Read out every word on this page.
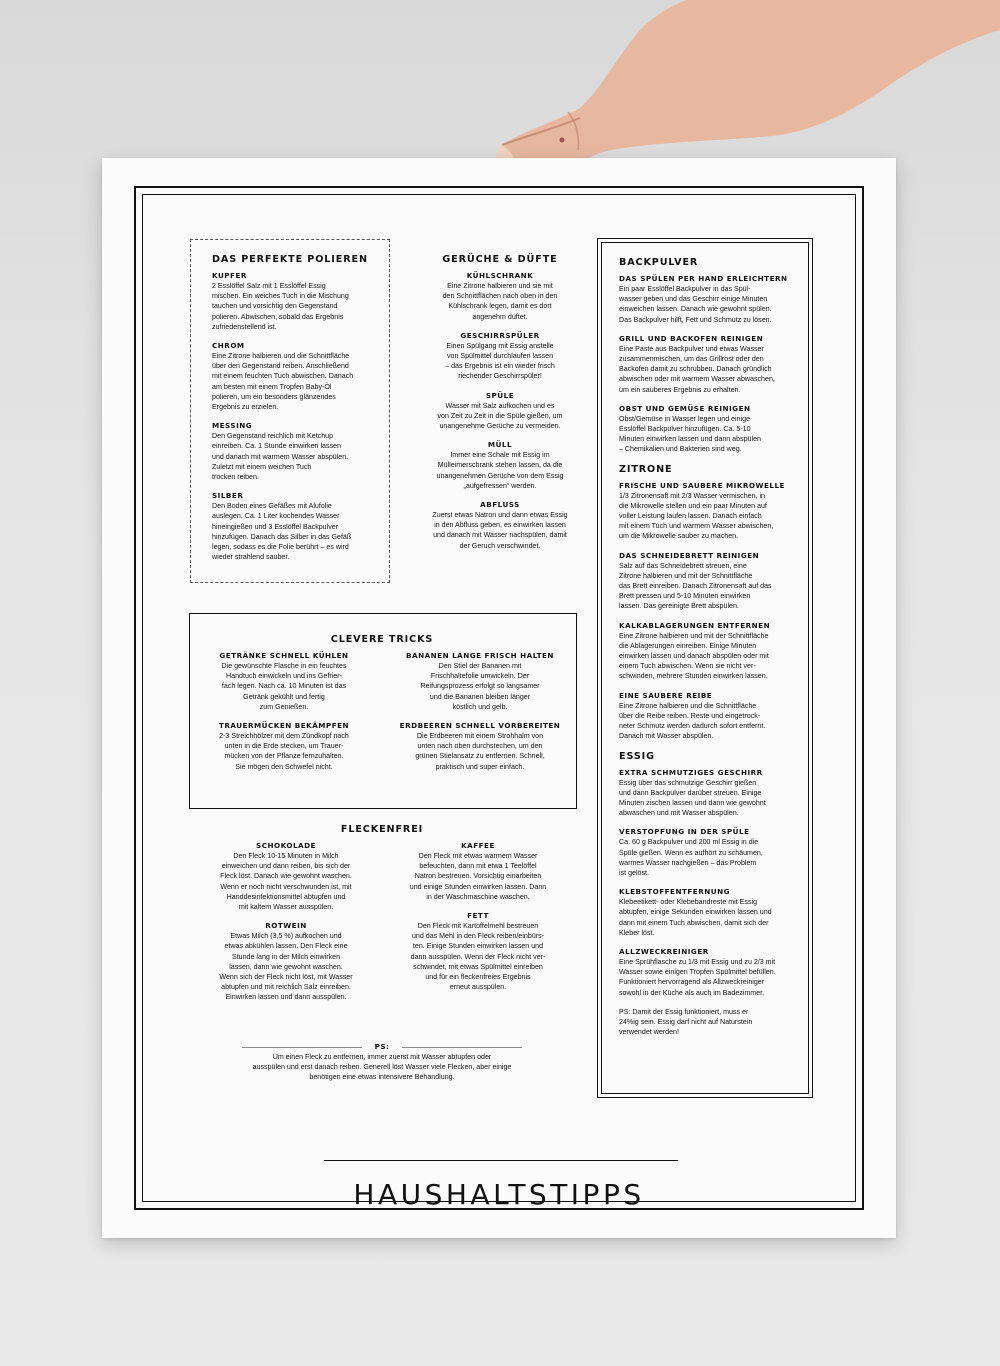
DAS PERFEKTE POLIEREN
KUPFER

2 Esslöffel Salz mit 1 Esslöffel Essig
mischen. Ein weiches Tuch in die Mischung
tauchen und vorsichtig den Gegenstand
polieren. Abwischen, sobald das Ergebnis
zufriedenstellend ist.

CHROM

Eine Zitrone halbieren und die Schnittfläche
über den Gegenstand reiben. Anschließend
mit einem feuchten Tuch abwischen. Danach
am besten mit einem Tropfen Baby-Öl
polieren, um ein besonders glänzendes
Ergebnis zu erzielen.

MESSING

Den Gegenstand reichlich mit Ketchup
einreiben. Ca. 1 Stunde einwirken lassen
und danach mit warmem Wasser abspülen.
Zuletzt mit einem weichen Tuch
trocken reiben.

SILBER

Den Boden eines Gefäßes mit Alufolie
auslegen. Ca. 1 Liter kochendes Wasser
hineingießen und 3 Esslöffel Backpulver
hinzufügen. Danach das Silber in das Gefäß
legen, sodass es die Folie berührt – es wird
wieder strahlend sauber.

GERÜCHE & DÜFTE
KÜHLSCHRANK

Eine Zitrone halbieren und sie mit
den Schnittflächen nach oben in den
Kühlschrank legen, damit es dort
angenehm duftet.

GESCHIRRSPÜLER

Einen Spülgang mit Essig anstelle
von Spülmittel durchlaufen lassen
– das Ergebnis ist ein wieder frisch
riechender Geschirrspüler!

SPÜLE

Wasser mit Salz aufkochen und es
von Zeit zu Zeit in die Spüle gießen, um
unangenehme Gerüche zu vermeiden.

MÜLL

Immer eine Schale mit Essig im
Mülleimerschrank stehen lassen, da die
unangenehmen Gerüche von dem Essig
„aufgefressen“ werden.

ABFLUSS

Zuerst etwas Natron und dann etwas Essig
in den Abfluss geben, es einwirken lassen
und danach mit Wasser nachspülen, damit
der Geruch verschwindet.

CLEVERE TRICKS
GETRÄNKE SCHNELL KÜHLEN

Die gewünschte Flasche in ein feuchtes
Handtuch einwickeln und ins Gefrier-
fach legen. Nach ca. 10 Minuten ist das
Getränk gekühlt und fertig
zum Genießen.

TRAUERMÜCKEN BEKÄMPFEN

2-3 Streichhölzer mit dem Zündkopf nach
unten in die Erde stecken, um Trauer-
mücken von der Pflanze fernzuhalten.
Sie mögen den Schwefel nicht.

BANANEN LANGE FRISCH HALTEN

Den Stiel der Bananen mit
Frischhaltefolie umwickeln. Der
Reifungsprozess erfolgt so langsamer
und die Bananen bleiben länger
köstlich und gelb.

ERDBEEREN SCHNELL VORBEREITEN

Die Erdbeeren mit einem Strohhalm von
unten nach oben durchstechen, um den
grünen Stielansatz zu entfernen. Schnell,
praktisch und super einfach.

FLECKENFREI
SCHOKOLADE

Den Fleck 10-15 Minuten in Milch
einweichen und dann reiben, bis sich der
Fleck löst. Danach wie gewohnt waschen.
Wenn er noch nicht verschwunden ist, mit
Handdesinfektionsmittel abtupfen und
mit kaltem Wasser ausspülen.

ROTWEIN

Etwas Milch (3,5 %) aufkochen und
etwas abkühlen lassen. Den Fleck eine
Stunde lang in der Milch einwirken
lassen, dann wie gewohnt waschen.
Wenn sich der Fleck nicht löst, mit Wasser
abtupfen und mit reichlich Salz einreiben.
Einwirken lassen und dann ausspülen.

KAFFEE

Den Fleck mit etwas warmem Wasser
befeuchten, dann mit etwa 1 Teelöffel
Natron bestreuen. Vorsichtig einarbeiten
und einige Stunden einwirken lassen. Dann
in der Waschmaschine waschen.

FETT

Den Fleck mit Kartoffelmehl bestreuen
und das Mehl in den Fleck reiben/einbürs-
ten. Einige Stunden einwirken lassen und
dann ausspülen. Wenn der Fleck nicht ver-
schwindet, mit etwas Spülmittel einreiben
und für ein fleckenfreies Ergebnis
erneut ausspülen.

PS:

Um einen Fleck zu entfernen, immer zuerst mit Wasser abtupfen oder
ausspülen und erst danach reiben. Generell löst Wasser viele Flecken, aber einige
benötigen eine etwas intensivere Behandlung.

BACKPULVER
DAS SPÜLEN PER HAND ERLEICHTERN

Ein paar Esslöffel Backpulver in das Spül-
wasser geben und das Geschirr einige Minuten
einweichen lassen. Danach wie gewohnt spülen.
Das Backpulver hilft, Fett und Schmutz zu lösen.

GRILL UND BACKOFEN REINIGEN

Eine Paste aus Backpulver und etwas Wasser
zusammenmischen, um das Grillrost oder den
Backofen damit zu schrubben. Danach gründlich
abwischen oder mit warmem Wasser abwaschen,
um ein sauberes Ergebnis zu erhalten.

OBST UND GEMÜSE REINIGEN

Obst/Gemüse in Wasser legen und einige
Esslöffel Backpulver hinzufügen. Ca. 5-10
Minuten einwirken lassen und dann abspülen
– Chemikalien und Bakterien sind weg.

ZITRONE
FRISCHE UND SAUBERE MIKROWELLE

1/3 Zitronensaft mit 2/3 Wasser vermischen, in
die Mikrowelle stellen und ein paar Minuten auf
voller Leistung laufen lassen. Danach einfach
mit einem Tuch und warmem Wasser abwischen,
um die Mikrowelle sauber zu machen.

DAS SCHNEIDEBRETT REINIGEN

Salz auf das Schneidebrett streuen, eine
Zitrone halbieren und mit der Schnittfläche
das Brett einreiben. Danach Zitronensaft auf das
Brett pressen und 5-10 Minuten einwirken
lassen. Das gereinigte Brett abspülen.

KALKABLAGERUNGEN ENTFERNEN

Eine Zitrone halbieren und mit der Schnittfläche
die Ablagerungen einreiben. Einige Minuten
einwirken lassen und danach abspülen oder mit
einem Tuch abwischen. Wenn sie nicht ver-
schwinden, mehrere Stunden einwirken lassen.

EINE SAUBERE REIBE

Eine Zitrone halbieren und die Schnittfläche
über die Reibe reiben. Reste und eingetrock-
neter Schmutz werden dadurch sofort entfernt.
Danach mit Wasser abspülen.

ESSIG
EXTRA SCHMUTZIGES GESCHIRR

Essig über das schmutzige Geschirr gießen
und dann Backpulver darüber streuen. Einige
Minuten zischen lassen und dann wie gewohnt
abwaschen und mit Wasser abspülen.

VERSTOPFUNG IN DER SPÜLE

Ca. 60 g Backpulver und 200 ml Essig in die
Spüle gießen. Wenn es aufhört zu schäumen,
warmes Wasser nachgießen – das Problem
ist gelöst.

KLEBSTOFFENTFERNUNG

Klebeetikett- oder Klebebandreste mit Essig
abtupfen, einige Sekunden einwirken lassen und
dann mit einem Tuch abwischen, damit sich der
Kleber löst.

ALLZWECKREINIGER

Eine Sprühflasche zu 1/3 mit Essig und zu 2/3 mit
Wasser sowie einigen Tropfen Spülmittel befüllen.
Funktioniert hervorragend als Allzweckreiniger
sowohl in der Küche als auch im Badezimmer.

PS: Damit der Essig funktioniert, muss er
24%ig sein. Essig darf nicht auf Naturstein
verwendet werden!

HAUSHALTSTIPPS
